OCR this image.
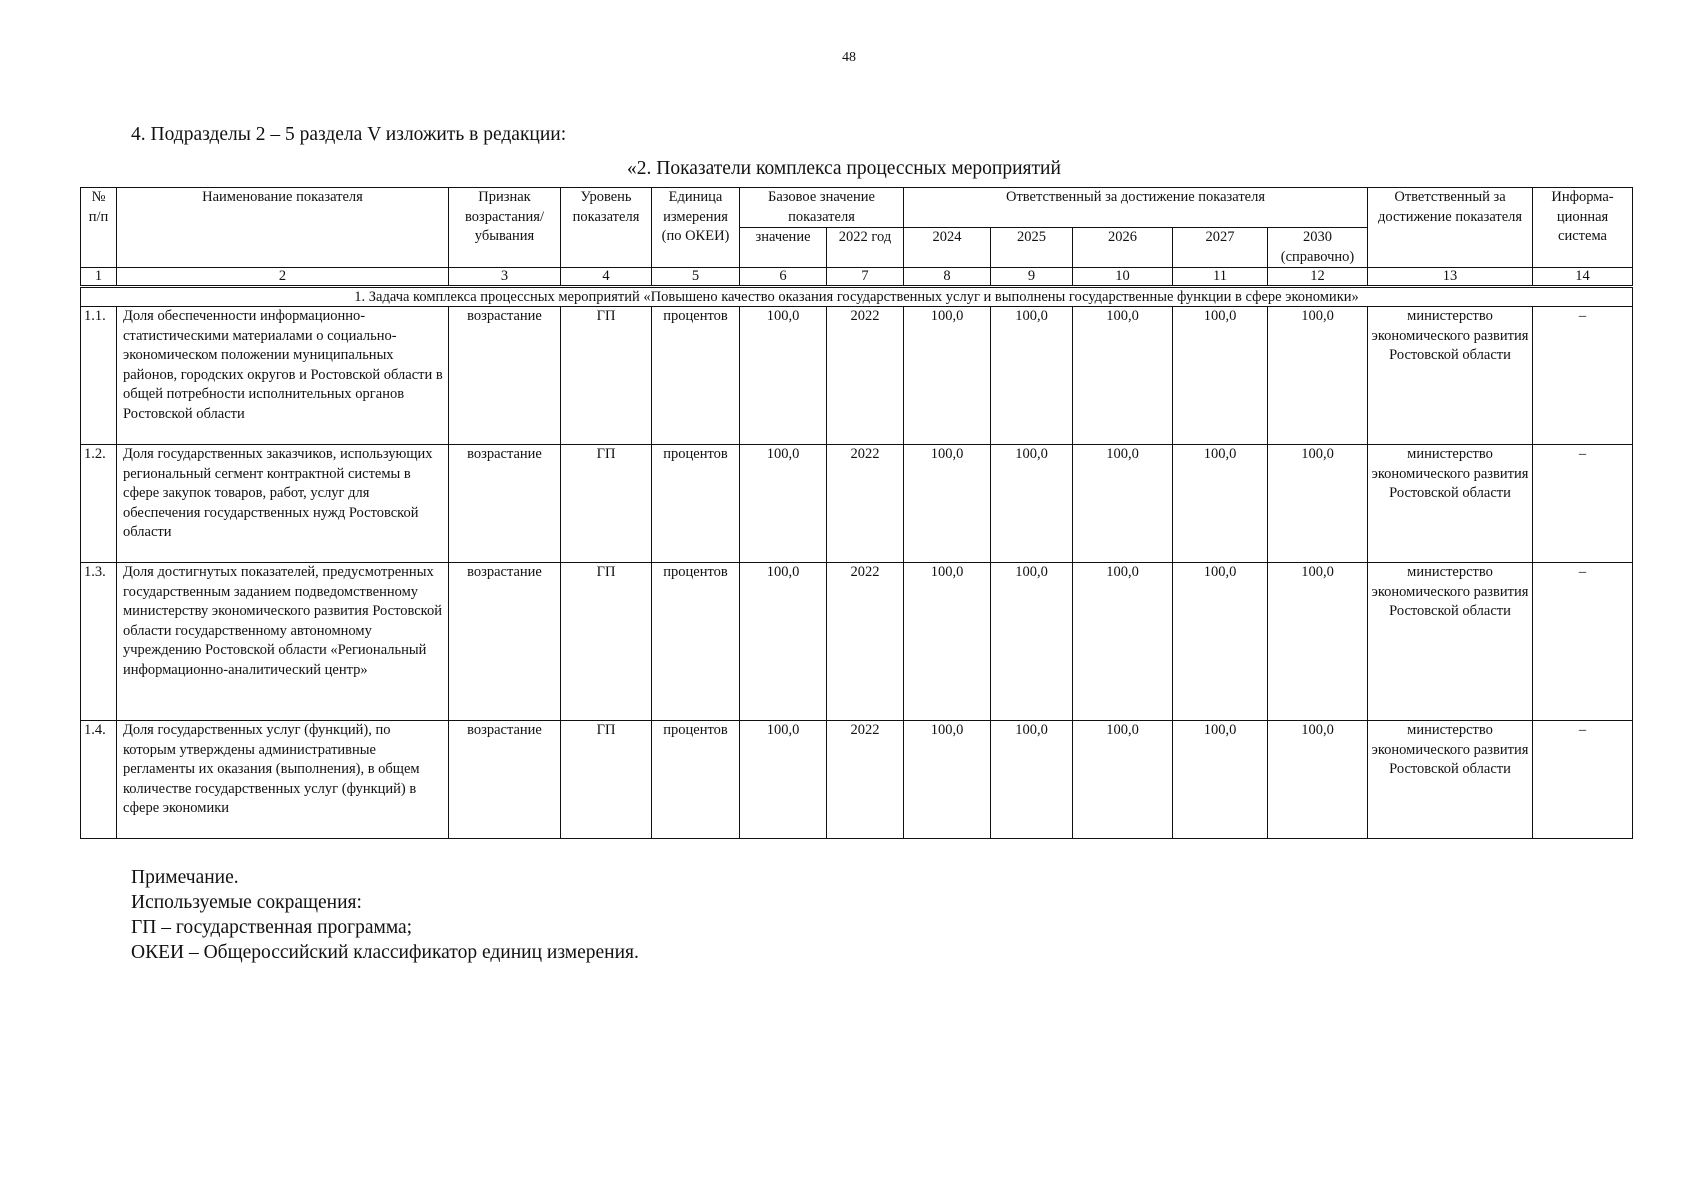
48
4. Подразделы 2 – 5 раздела V изложить в редакции:
«2. Показатели комплекса процессных мероприятий
№ п/п	Наименование показателя	Признак возрастания/ убывания	Уровень показателя	Единица измерения (по ОКЕИ)	Базовое значение показателя		Ответственный за достижение показателя					Ответственный за достижение показателя	Информа-ционная система
					значение	2022 год	2024	2025	2026	2027	2030 (справочно)		
1	2	3	4	5	6	7	8	9	10	11	12	13	14
1. Задача комплекса процессных мероприятий «Повышено качество оказания государственных услуг и выполнены государственные функции в сфере экономики»													
1.1.	Доля обеспеченности информационно-статистическими материалами о социально-экономическом положении муниципальных районов, городских округов и Ростовской области в общей потребности исполнительных органов Ростовской области	возрастание	ГП	процентов	100,0	2022	100,0	100,0	100,0	100,0	100,0	министерство экономического развития Ростовской области	–
1.2.	Доля государственных заказчиков, использующих региональный сегмент контрактной системы в сфере закупок товаров, работ, услуг для обеспечения государственных нужд Ростовской области	возрастание	ГП	процентов	100,0	2022	100,0	100,0	100,0	100,0	100,0	министерство экономического развития Ростовской области	–
1.3.	Доля достигнутых показателей, предусмотренных государственным заданием подведомственному министерству экономического развития Ростовской области государственному автономному учреждению Ростовской области «Региональный информационно-аналитический центр»	возрастание	ГП	процентов	100,0	2022	100,0	100,0	100,0	100,0	100,0	министерство экономического развития Ростовской области	–
1.4.	Доля государственных услуг (функций), по которым утверждены административные регламенты их оказания (выполнения), в общем количестве государственных услуг (функций) в сфере экономики	возрастание	ГП	процентов	100,0	2022	100,0	100,0	100,0	100,0	100,0	министерство экономического развития Ростовской области	–
Примечание.
Используемые сокращения:
ГП – государственная программа;
ОКЕИ – Общероссийский классификатор единиц измерения.
